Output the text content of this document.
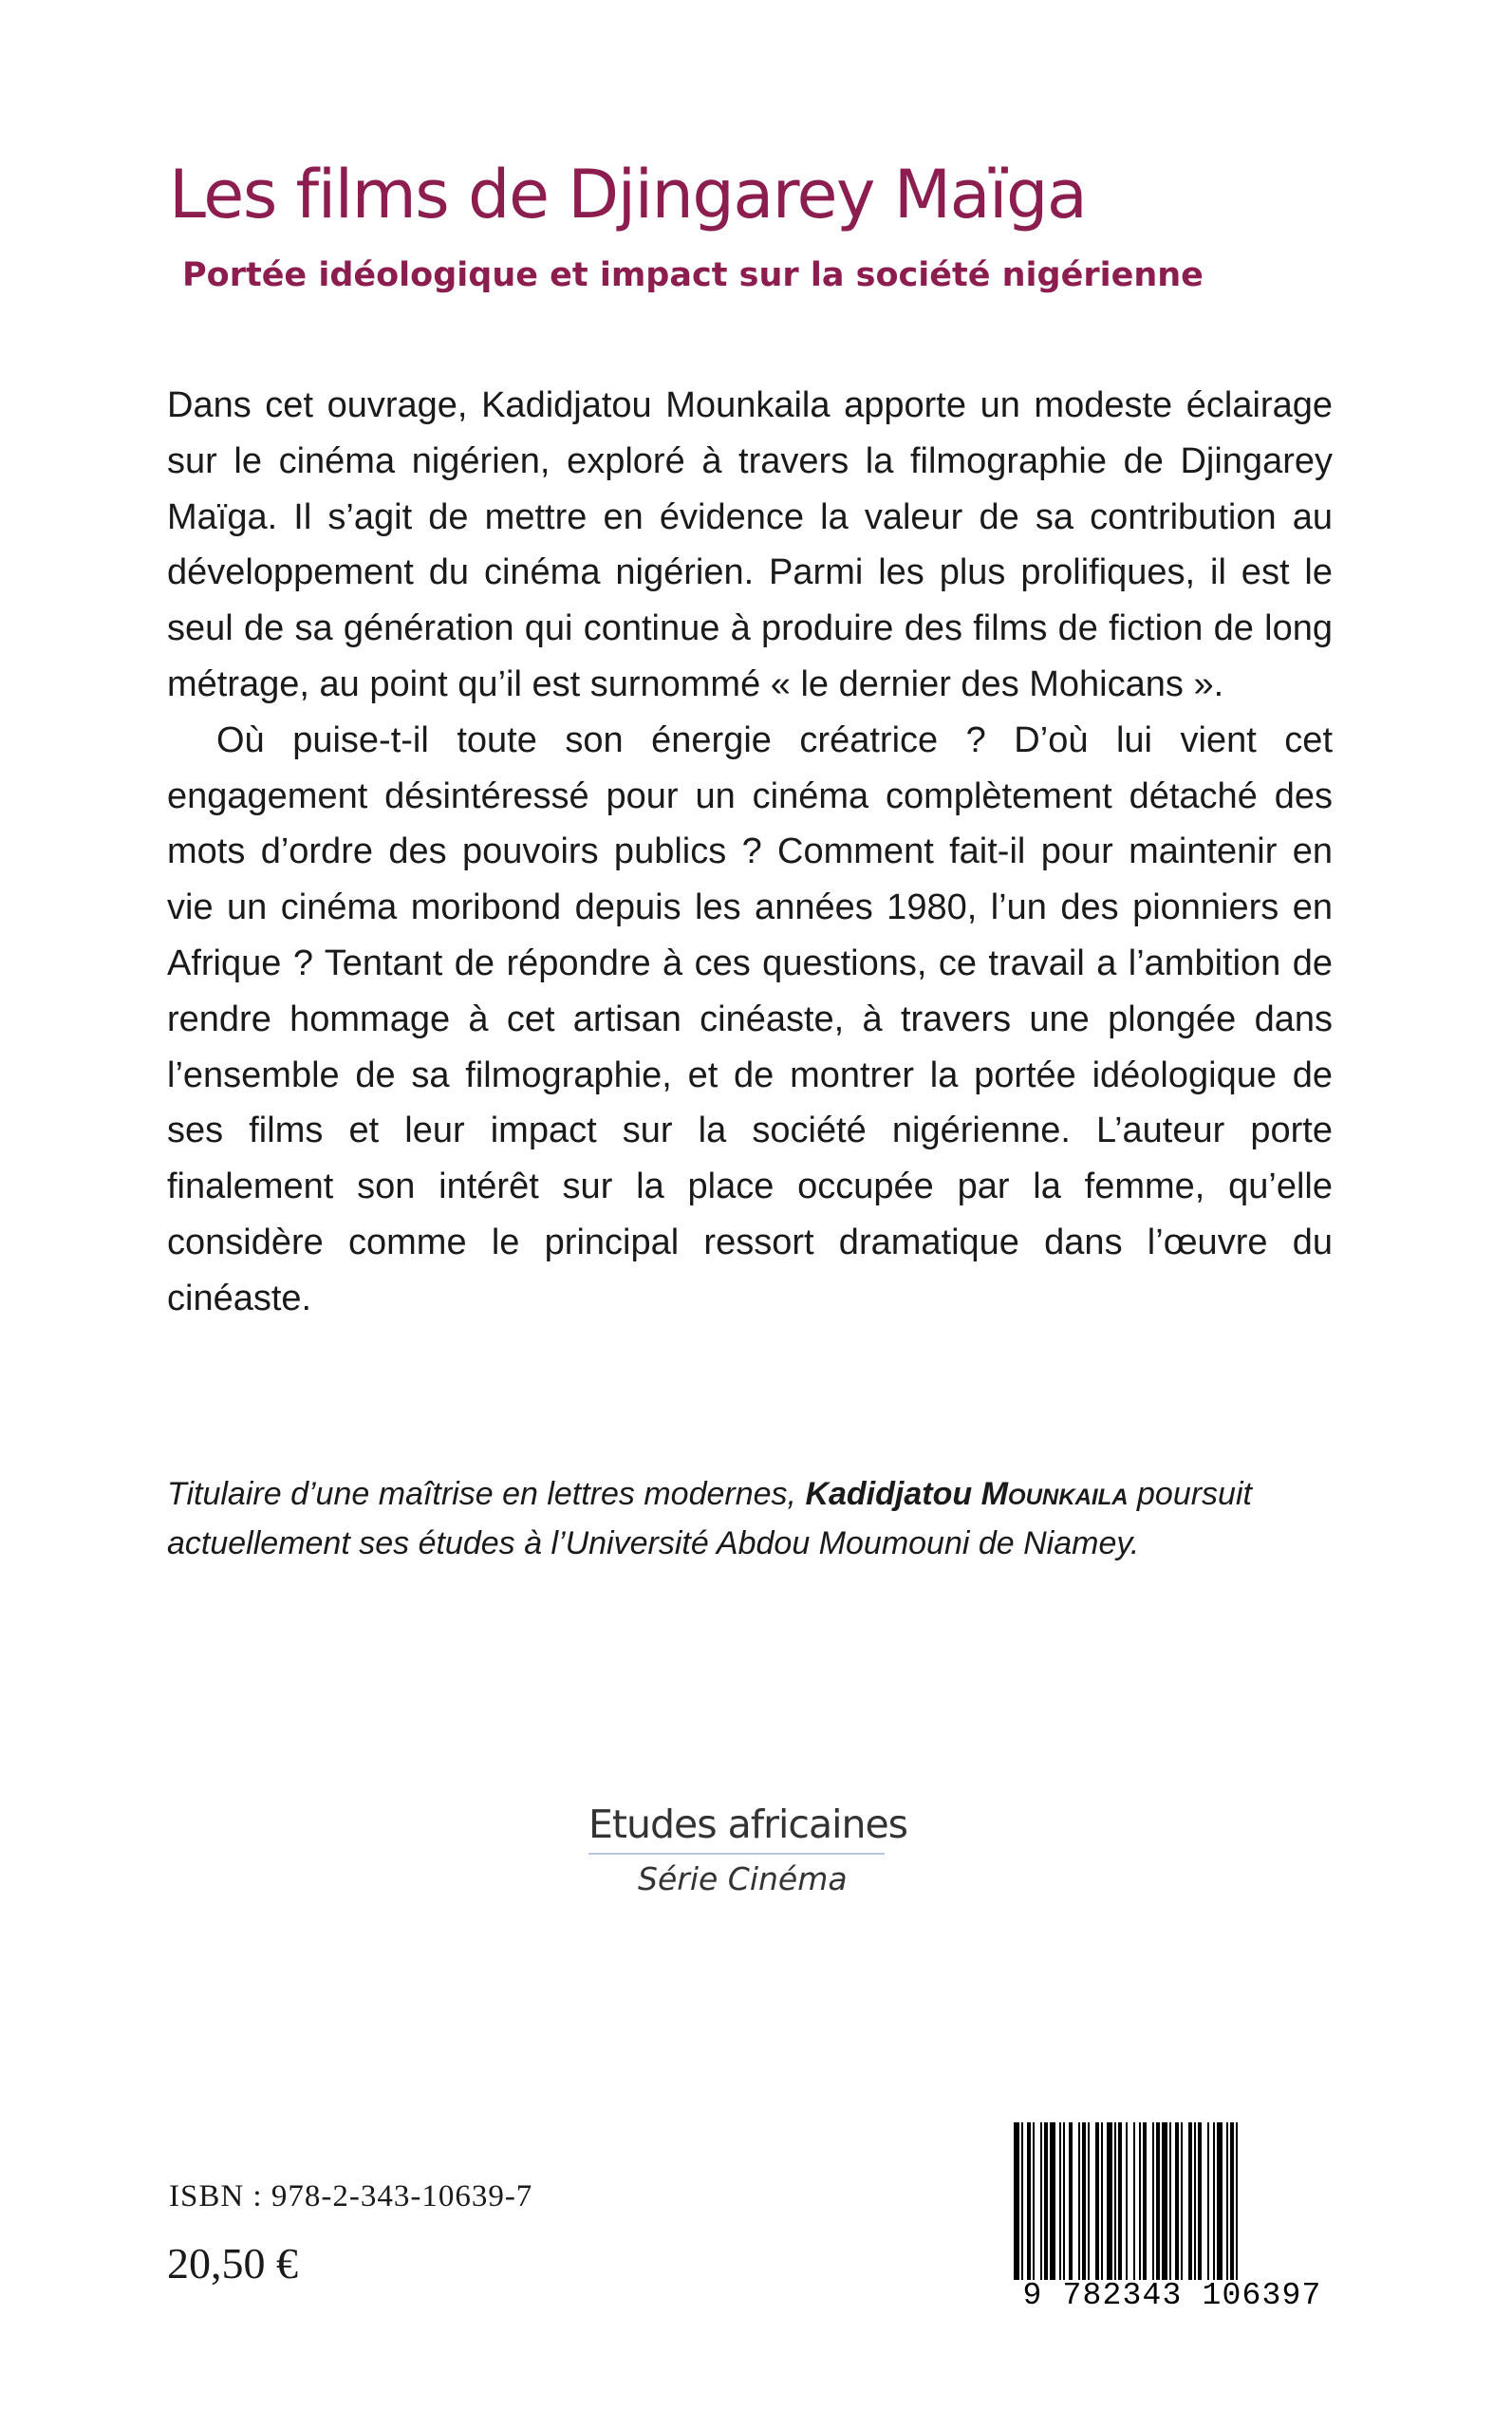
Les films de Djingarey Maïga
Portée idéologique et impact sur la société nigérienne

Dans cet ouvrage, Kadidjatou Mounkaila apporte un modeste éclairage sur le cinéma nigérien, exploré à travers la filmographie de Djingarey Maïga. Il s’agit de mettre en évidence la valeur de sa contribution au développement du cinéma nigérien. Parmi les plus prolifiques, il est le seul de sa génération qui continue à produire des films de fiction de long métrage, au point qu’il est surnommé « le dernier des Mohicans ».

Où puise-t-il toute son énergie créatrice ? D’où lui vient cet engagement désintéressé pour un cinéma complètement détaché des mots d’ordre des pouvoirs publics ? Comment fait-il pour maintenir en vie un cinéma moribond depuis les années 1980, l’un des pionniers en Afrique ? Tentant de répondre à ces questions, ce travail a l’ambition de rendre hommage à cet artisan cinéaste, à travers une plongée dans l’ensemble de sa filmographie, et de montrer la portée idéologique de ses films et leur impact sur la société nigérienne. L’auteur porte finalement son intérêt sur la place occupée par la femme, qu’elle considère comme le principal ressort dramatique dans l’œuvre du cinéaste.

Titulaire d’une maîtrise en lettres modernes, Kadidjatou Mounkaila poursuit actuellement ses études à l’Université Abdou Moumouni de Niamey.

Etudes africaines
Série Cinéma
ISBN : 978-2-343-10639-7
20,50 €
9 782343 106397
